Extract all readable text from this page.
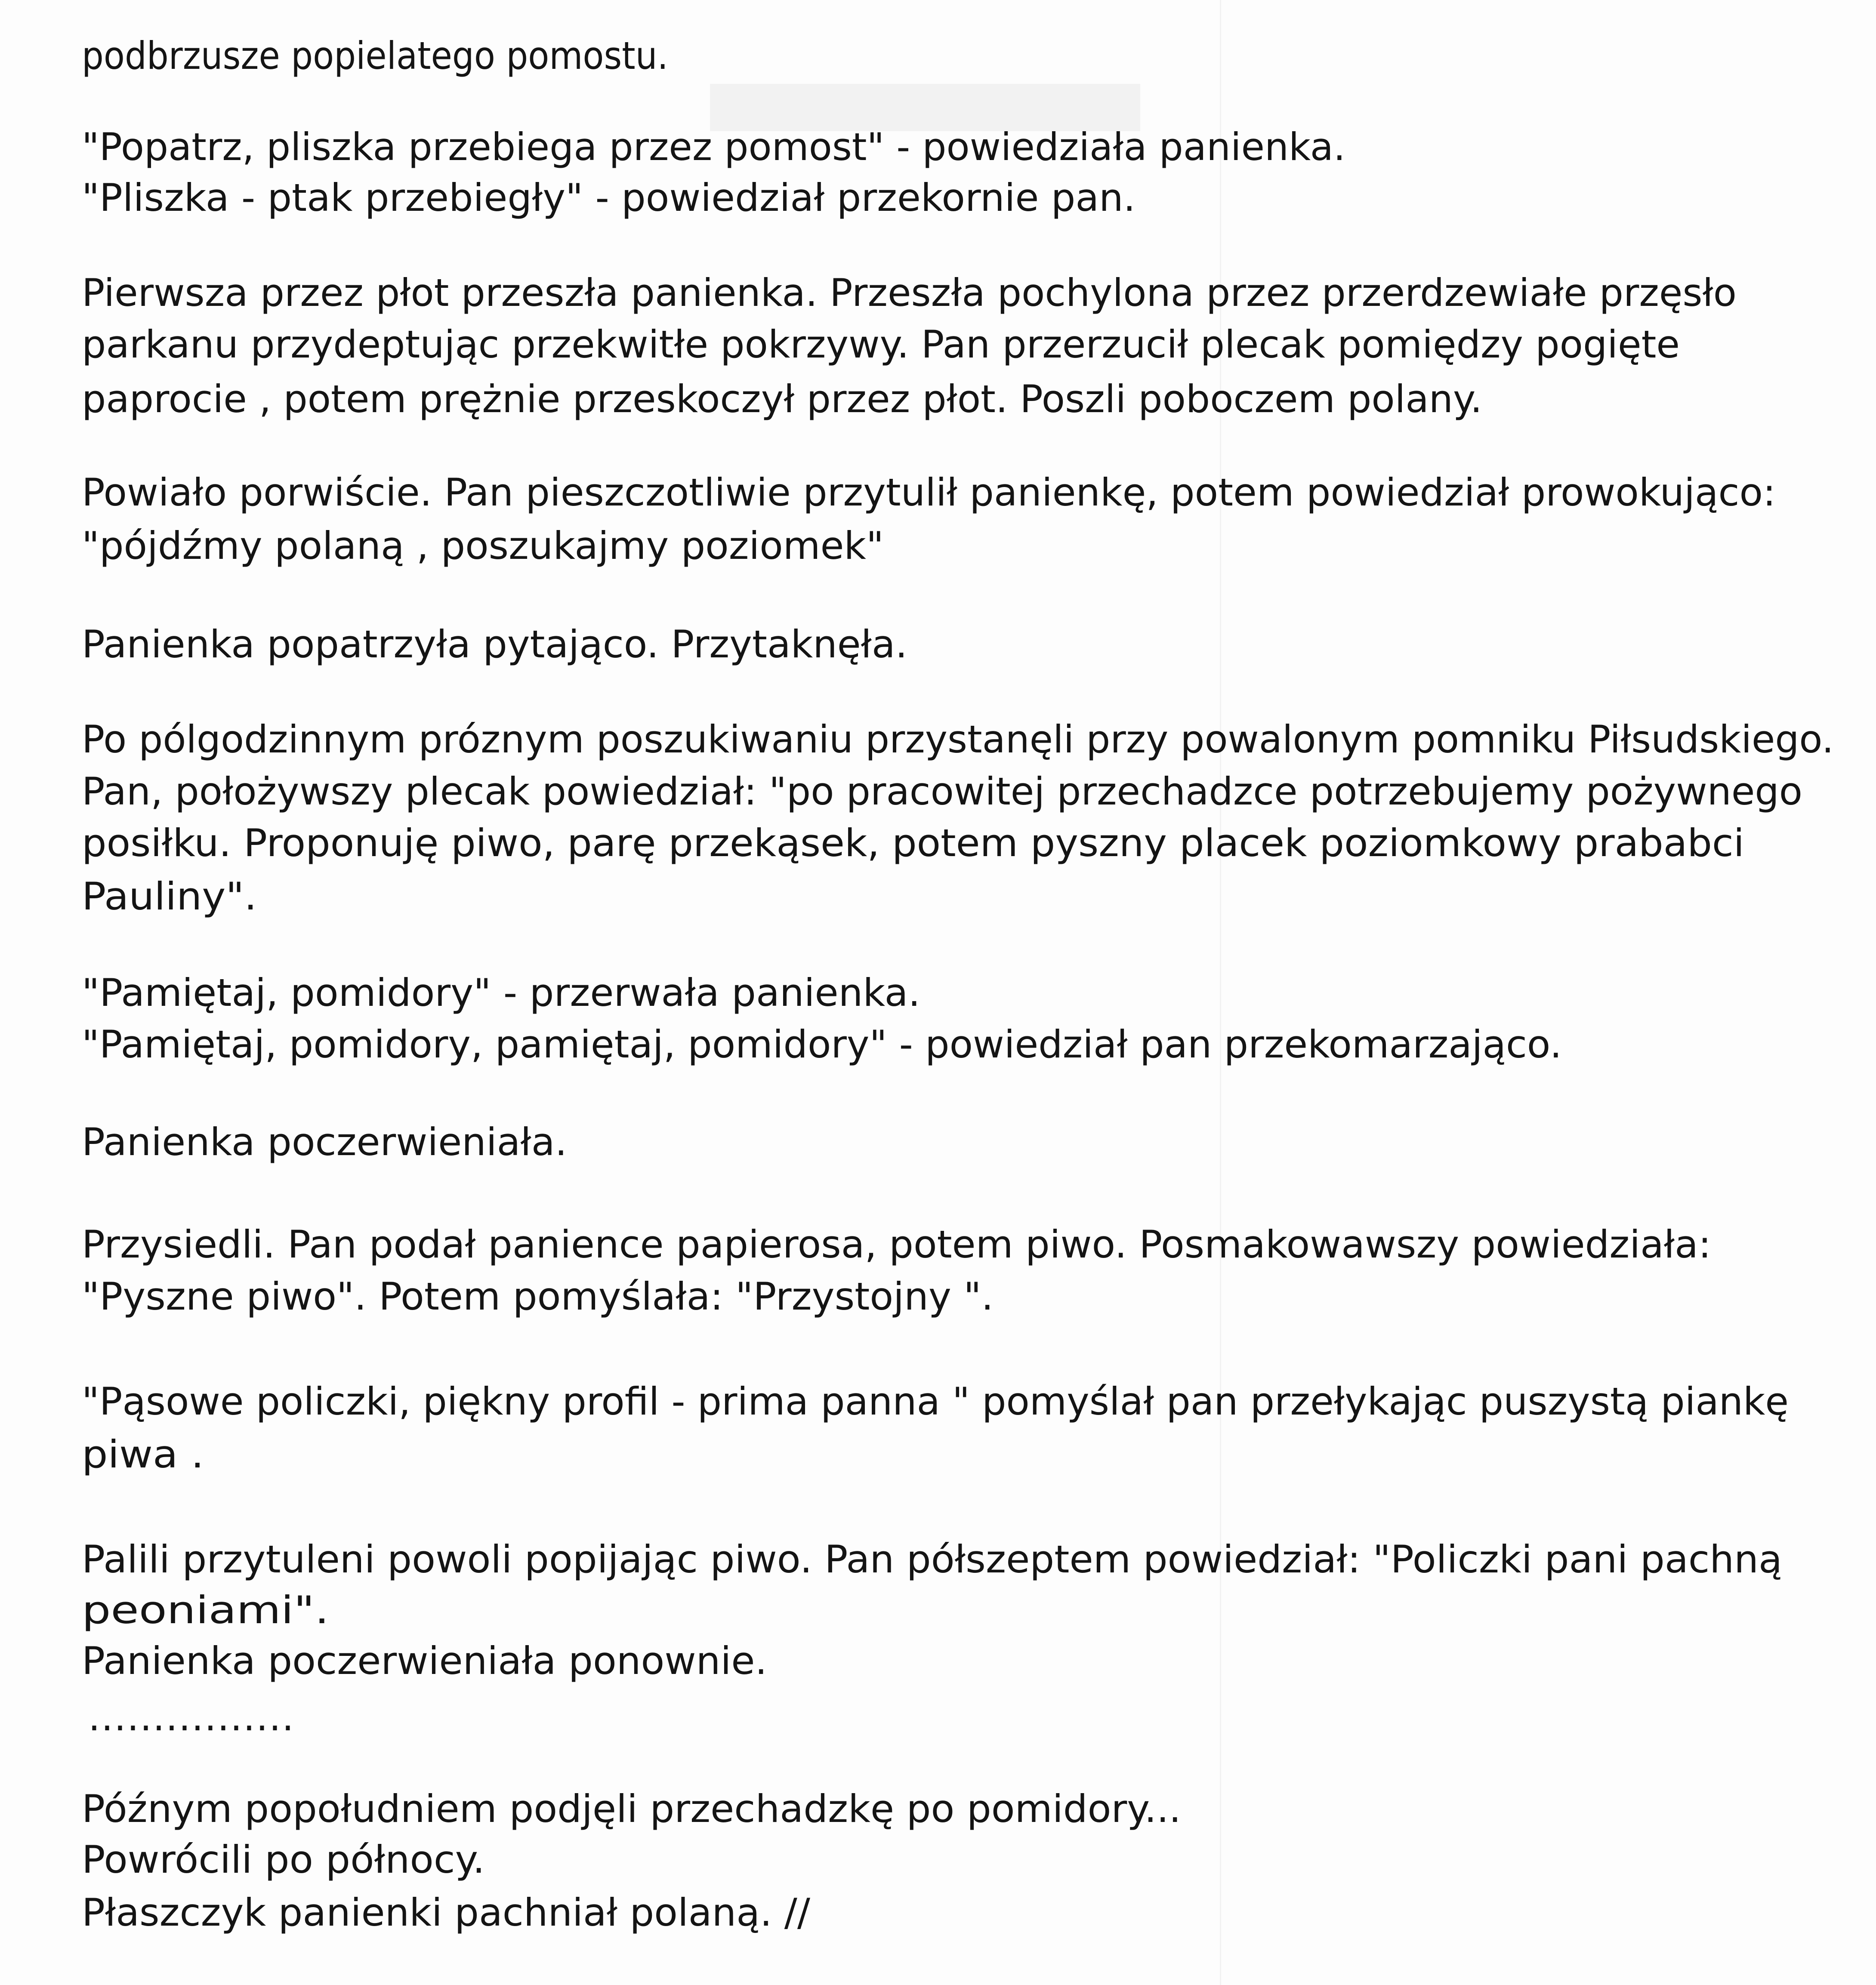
podbrzusze popielatego pomostu.
"Popatrz, pliszka przebiega przez pomost" - powiedziała panienka.
"Pliszka - ptak przebiegły" - powiedział przekornie pan.
Pierwsza przez płot przeszła panienka. Przeszła pochylona przez przerdzewiałe przęsło
parkanu przydeptując przekwitłe pokrzywy. Pan przerzucił plecak pomiędzy pogięte
paprocie , potem prężnie przeskoczył przez płot. Poszli poboczem polany.
Powiało porwiście. Pan pieszczotliwie przytulił panienkę, potem powiedział prowokująco:
"pójdźmy polaną , poszukajmy poziomek"
Panienka popatrzyła pytająco. Przytaknęła.
Po pólgodzinnym próznym poszukiwaniu przystanęli przy powalonym pomniku Piłsudskiego.
Pan, położywszy plecak powiedział: "po pracowitej przechadzce potrzebujemy pożywnego
posiłku. Proponuję piwo, parę przekąsek, potem pyszny placek poziomkowy prababci
Pauliny".
"Pamiętaj, pomidory" - przerwała panienka.
"Pamiętaj, pomidory, pamiętaj, pomidory" - powiedział pan przekomarzająco.
Panienka poczerwieniała.
Przysiedli. Pan podał panience papierosa, potem piwo. Posmakowawszy powiedziała:
"Pyszne piwo". Potem pomyślała: "Przystojny ".
"Pąsowe policzki, piękny profil - prima panna " pomyślał pan przełykając puszystą piankę
piwa .
Palili przytuleni powoli popijając piwo. Pan półszeptem powiedział: "Policzki pani pachną
peoniami".
Panienka poczerwieniała ponownie.
................
Późnym popołudniem podjęli przechadzkę po pomidory...
Powrócili po północy.
Płaszczyk panienki pachniał polaną. //
